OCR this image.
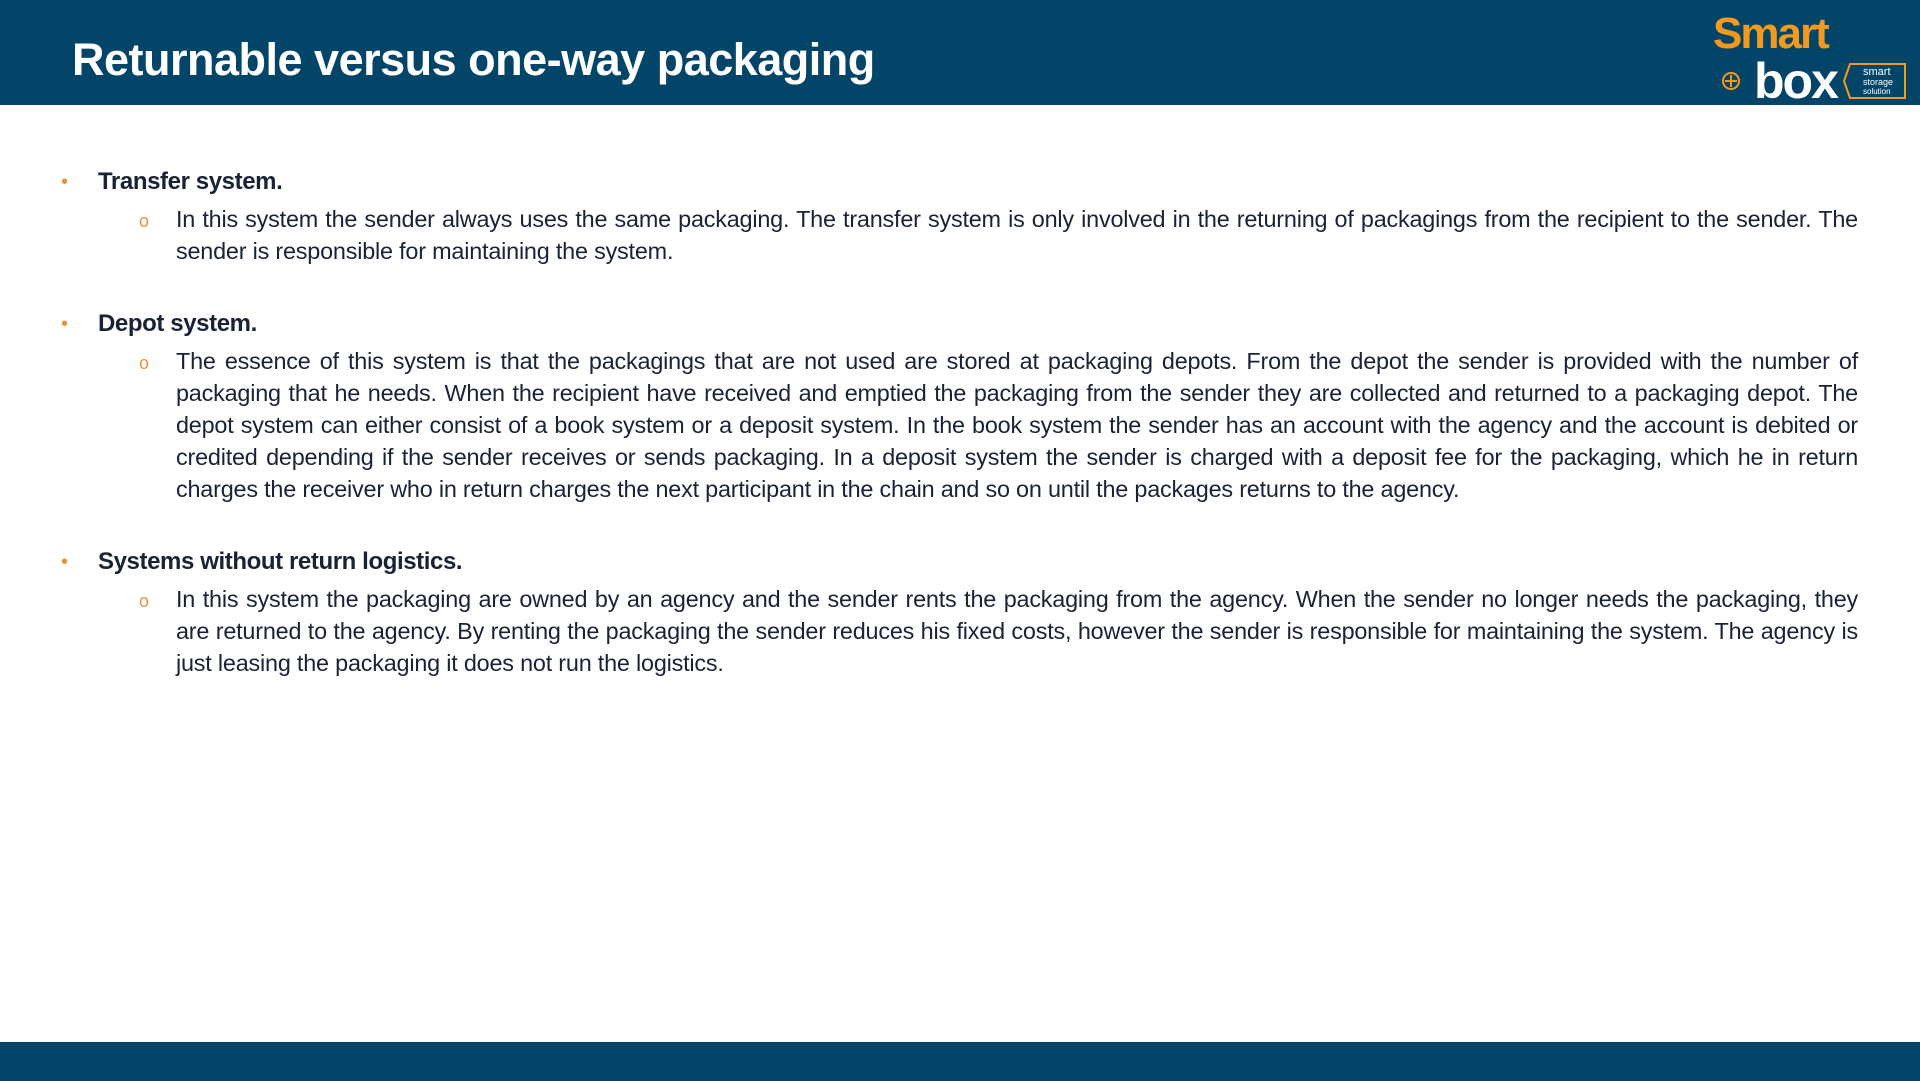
Returnable versus one-way packaging
Smart
box smart
storage
solution
• Transfer system.
o In this system the sender always uses the same packaging. The transfer system is only involved in the returning of packagings from the recipient to the sender. The sender is responsible for maintaining the system.

• Depot system.
o The essence of this system is that the packagings that are not used are stored at packaging depots. From the depot the sender is provided with the number of packaging that he needs. When the recipient have received and emptied the packaging from the sender they are collected and returned to a packaging depot. The depot system can either consist of a book system or a deposit system. In the book system the sender has an account with the agency and the account is debited or credited depending if the sender receives or sends packaging. In a deposit system the sender is charged with a deposit fee for the packaging, which he in return charges the receiver who in return charges the next participant in the chain and so on until the packages returns to the agency.

• Systems without return logistics.
o In this system the packaging are owned by an agency and the sender rents the packaging from the agency. When the sender no longer needs the packaging, they are returned to the agency. By renting the packaging the sender reduces his fixed costs, however the sender is responsible for maintaining the system. The agency is just leasing the packaging it does not run the logistics.
